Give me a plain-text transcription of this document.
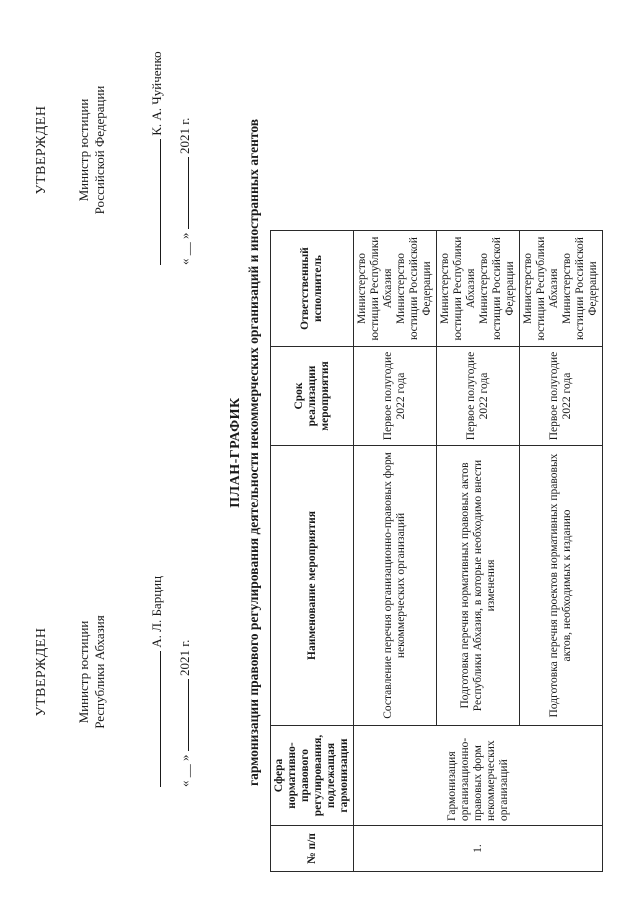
УТВЕРЖДЕН Министр юстиции Республики Абхазия
А. Л. Барциц
« __ »  2021 г.
УТВЕРЖДЕН Министр юстиции Российской Федерации	К. А. Чуйченко
« __ »  2021 г.
ПЛАН-ГРАФИК гармонизации правового регулирования деятельности некоммерческих организаций и иностранных агентов
№ п/п	Сфера нормативно-правового регулирования, подлежащая гармонизации	Наименование мероприятия	Срок реализации мероприятия	Ответственный исполнитель
1.	Гармонизация организационно-правовых форм некоммерческих организаций	Составление перечня организационно-правовых форм некоммерческих организаций	Первое полугодие 2022 года	Министерство юстиции Республики Абхазия Министерство юстиции Российской Федерации
		Подготовка перечня нормативных правовых актов Республики Абхазия, в которые необходимо внести изменения	Первое полугодие 2022 года	Министерство юстиции Республики Абхазия Министерство юстиции Российской Федерации
		Подготовка перечня проектов нормативных правовых актов, необходимых к изданию	Первое полугодие 2022 года	Министерство юстиции Республики Абхазия Министерство юстиции Российской Федерации
